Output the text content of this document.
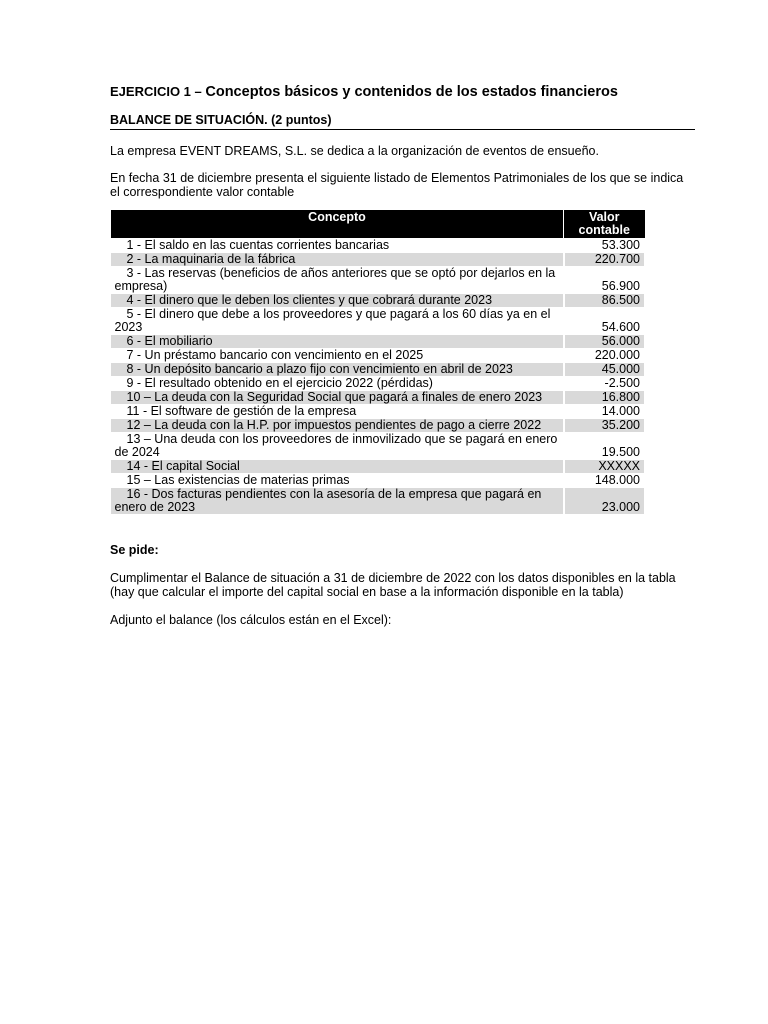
EJERCICIO 1 – Conceptos básicos y contenidos de los estados financieros

BALANCE DE SITUACIÓN. (2 puntos)

La empresa EVENT DREAMS, S.L. se dedica a la organización de eventos de ensueño.

En fecha 31 de diciembre presenta el siguiente listado de Elementos Patrimoniales de los que se indica el correspondiente valor contable

Concepto	Valor contable
1 - El saldo en las cuentas corrientes bancarias	53.300
2 - La maquinaria de la fábrica	220.700
3 - Las reservas (beneficios de años anteriores que se optó por dejarlos en la empresa)	56.900
4 - El dinero que le deben los clientes y que cobrará durante 2023	86.500
5 - El dinero que debe a los proveedores y que pagará a los 60 días ya en el 2023	54.600
6 - El mobiliario	56.000
7 - Un préstamo bancario con vencimiento en el 2025	220.000
8 - Un depósito bancario a plazo fijo con vencimiento en abril de 2023	45.000
9 - El resultado obtenido en el ejercicio 2022 (pérdidas)	-2.500
10 – La deuda con la Seguridad Social que pagará a finales de enero 2023	16.800
11 - El software de gestión de la empresa	14.000
12 – La deuda con la H.P. por impuestos pendientes de pago a cierre 2022	35.200
13 – Una deuda con los proveedores de inmovilizado que se pagará en enero de 2024	19.500
14 - El capital Social	XXXXX
15 – Las existencias de materias primas	148.000
16 - Dos facturas pendientes con la asesoría de la empresa que pagará en enero de 2023	23.000
Se pide:

Cumplimentar el Balance de situación a 31 de diciembre de 2022 con los datos disponibles en la tabla (hay que calcular el importe del capital social en base a la información disponible en la tabla)

Adjunto el balance (los cálculos están en el Excel):
